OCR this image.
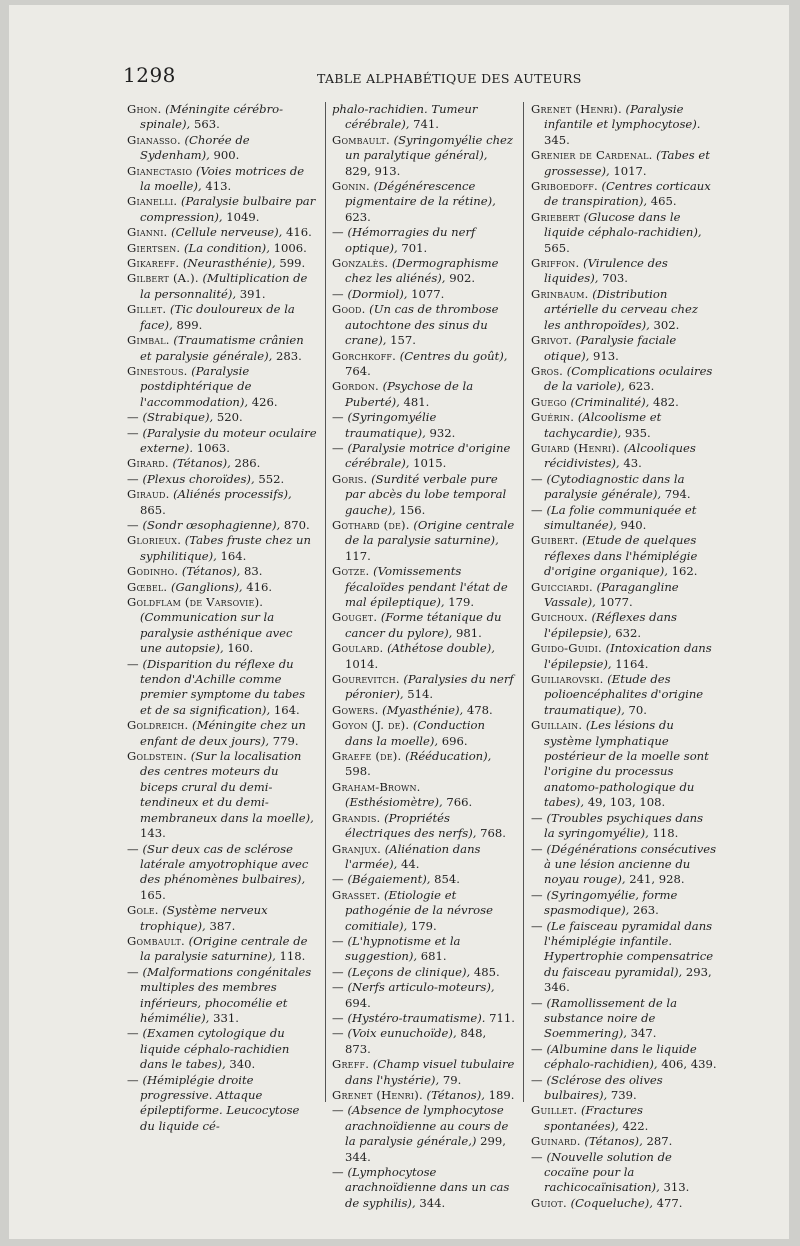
1298	TABLE ALPHABÉTIQUE DES AUTEURS

Ghon. (Méningite cérébro-spinale), 563.

Gianasso. (Chorée de Sydenham), 900.

Gianectasio (Voies motrices de la moelle), 413.

Gianelli. (Paralysie bulbaire par compression), 1049.

Gianni. (Cellule nerveuse), 416.

Giertsen. (La condition), 1006.

Gikareff. (Neurasthénie), 599.

Gilbert (A.). (Multiplication de la personnalité), 391.

Gillet. (Tic douloureux de la face), 899.

Gimbal. (Traumatisme crânien et paralysie générale), 283.

Ginestous. (Paralysie postdiphtérique de l'accommodation), 426.

— (Strabique), 520.

— (Paralysie du moteur oculaire externe). 1063.

Girard. (Tétanos), 286.

— (Plexus choroïdes), 552.

Giraud. (Aliénés processifs), 865.

— (Sondr œsophagienne), 870.

Glorieux. (Tabes fruste chez un syphilitique), 164.

Godinho. (Tétanos), 83.

Gœbel. (Ganglions), 416.

Goldflam (de Varsovie). (Communication sur la paralysie asthénique avec une autopsie), 160.

— (Disparition du réflexe du tendon d'Achille comme premier symptome du tabes et de sa signification), 164.

Goldreich. (Méningite chez un enfant de deux jours), 779.

Goldstein. (Sur la localisation des centres moteurs du biceps crural du demi-tendineux et du demi-membraneux dans la moelle), 143.

— (Sur deux cas de sclérose latérale amyotrophique avec des phénomènes bulbaires), 165.

Gole. (Système nerveux trophique), 387.

Gombault. (Origine centrale de la paralysie saturnine), 118.

— (Malformations congénitales multiples des membres inférieurs, phocomélie et hémimélie), 331.

— (Examen cytologique du liquide céphalo-rachidien dans le tabes), 340.

— (Hémiplégie droite progressive. Attaque épileptiforme. Leucocytose du liquide cé-

phalo-rachidien. Tumeur cérébrale), 741.

Gombault. (Syringomyélie chez un paralytique général), 829, 913.

Gonin. (Dégénérescence pigmentaire de la rétine), 623.

— (Hémorragies du nerf optique), 701.

Gonzalès. (Dermographisme chez les aliénés), 902.

— (Dormiol), 1077.

Good. (Un cas de thrombose autochtone des sinus du crane), 157.

Gorchkoff. (Centres du goût), 764.

Gordon. (Psychose de la Puberté), 481.

— (Syringomyélie traumatique), 932.

— (Paralysie motrice d'origine cérébrale), 1015.

Goris. (Surdité verbale pure par abcès du lobe temporal gauche), 156.

Gothard (de). (Origine centrale de la paralysie saturnine), 117.

Gotze. (Vomissements fécaloïdes pendant l'état de mal épileptique), 179.

Gouget. (Forme tétanique du cancer du pylore), 981.

Goulard. (Athétose double), 1014.

Gourevitch. (Paralysies du nerf péronier), 514.

Gowers. (Myasthénie), 478.

Goyon (J. de). (Conduction dans la moelle), 696.

Graefe (de). (Rééducation), 598.

Graham-Brown. (Esthésiomètre), 766.

Grandis. (Propriétés électriques des nerfs), 768.

Granjux. (Aliénation dans l'armée), 44.

— (Bégaiement), 854.

Grasset. (Etiologie et pathogénie de la névrose comitiale), 179.

— (L'hypnotisme et la suggestion), 681.

— (Leçons de clinique), 485.

— (Nerfs articulo-moteurs), 694.

— (Hystéro-traumatisme). 711.

— (Voix eunuchoïde), 848, 873.

Greff. (Champ visuel tubulaire dans l'hystérie), 79.

Grenet (Henri). (Tétanos), 189.

— (Absence de lymphocytose arachnoïdienne au cours de la paralysie générale,) 299, 344.

— (Lymphocytose arachnoïdienne dans un cas de syphilis), 344.

Grenet (Henri). (Paralysie infantile et lymphocytose). 345.

Grenier de Cardenal. (Tabes et grossesse), 1017.

Griboedoff. (Centres corticaux de transpiration), 465.

Griebert (Glucose dans le liquide céphalo-rachidien), 565.

Griffon. (Virulence des liquides), 703.

Grinbaum. (Distribution artérielle du cerveau chez les anthropoïdes), 302.

Grivot. (Paralysie faciale otique), 913.

Gros. (Complications oculaires de la variole), 623.

Guego (Criminalité), 482.

Guérin. (Alcoolisme et tachycardie), 935.

Guiard (Henri). (Alcooliques récidivistes), 43.

— (Cytodiagnostic dans la paralysie générale), 794.

— (La folie communiquée et simultanée), 940.

Guibert. (Etude de quelques réflexes dans l'hémiplégie d'origine organique), 162.

Guicciardi. (Paragangline Vassale), 1077.

Guichoux. (Réflexes dans l'épilepsie), 632.

Guido-Guidi. (Intoxication dans l'épilepsie), 1164.

Guiliarovski. (Etude des polioencéphalites d'origine traumatique), 70.

Guillain. (Les lésions du système lymphatique postérieur de la moelle sont l'origine du processus anatomo-pathologique du tabes), 49, 103, 108.

— (Troubles psychiques dans la syringomyélie), 118.

— (Dégénérations consécutives à une lésion ancienne du noyau rouge), 241, 928.

— (Syringomyélie, forme spasmodique), 263.

— (Le faisceau pyramidal dans l'hémiplégie infantile. Hypertrophie compensatrice du faisceau pyramidal), 293, 346.

— (Ramollissement de la substance noire de Soemmering), 347.

— (Albumine dans le liquide céphalo-rachidien), 406, 439.

— (Sclérose des olives bulbaires), 739.

Guillet. (Fractures spontanées), 422.

Guinard. (Tétanos), 287.

— (Nouvelle solution de cocaïne pour la rachicocaïnisation), 313.

Guiot. (Coqueluche), 477.
